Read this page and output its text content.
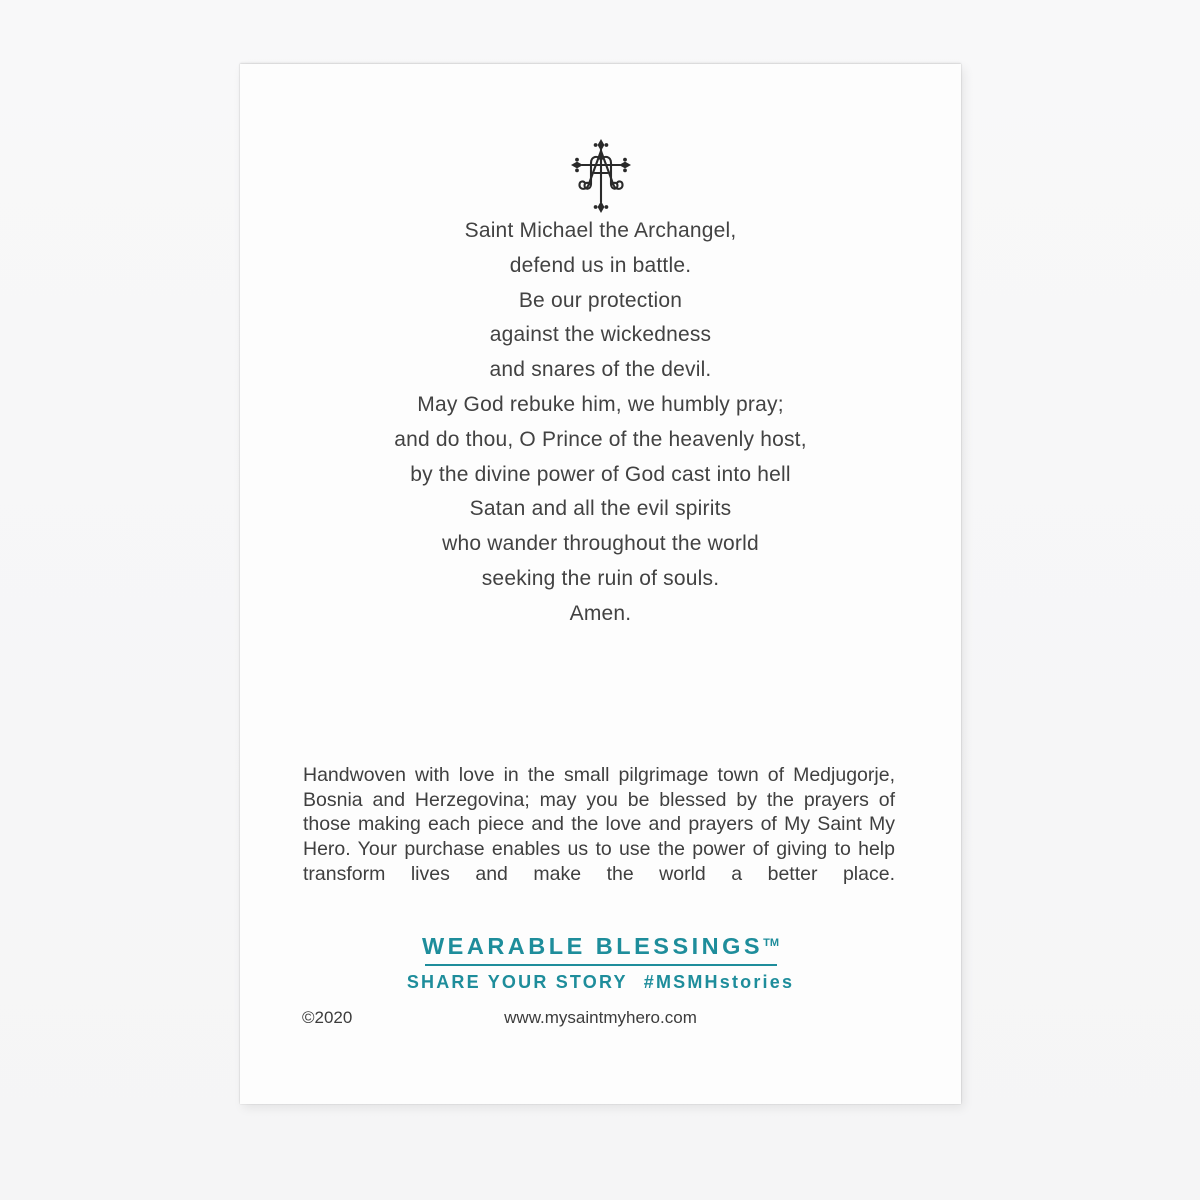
Saint Michael the Archangel,
defend us in battle.
Be our protection
against the wickedness
and snares of the devil.
May God rebuke him, we humbly pray;
and do thou, O Prince of the heavenly host,
by the divine power of God cast into hell
Satan and all the evil spirits
who wander throughout the world
seeking the ruin of souls.
Amen.

Handwoven with love in the small pilgrimage town of Medjugorje, Bosnia and Herzegovina; may you be blessed by the prayers of those making each piece and the love and prayers of My Saint My Hero. Your purchase enables us to use the power of giving to help transform lives and make the world a better place.

WEARABLE BLESSINGS™
SHARE YOUR STORY #MSMHstories
©2020	www.mysaintmyhero.com
